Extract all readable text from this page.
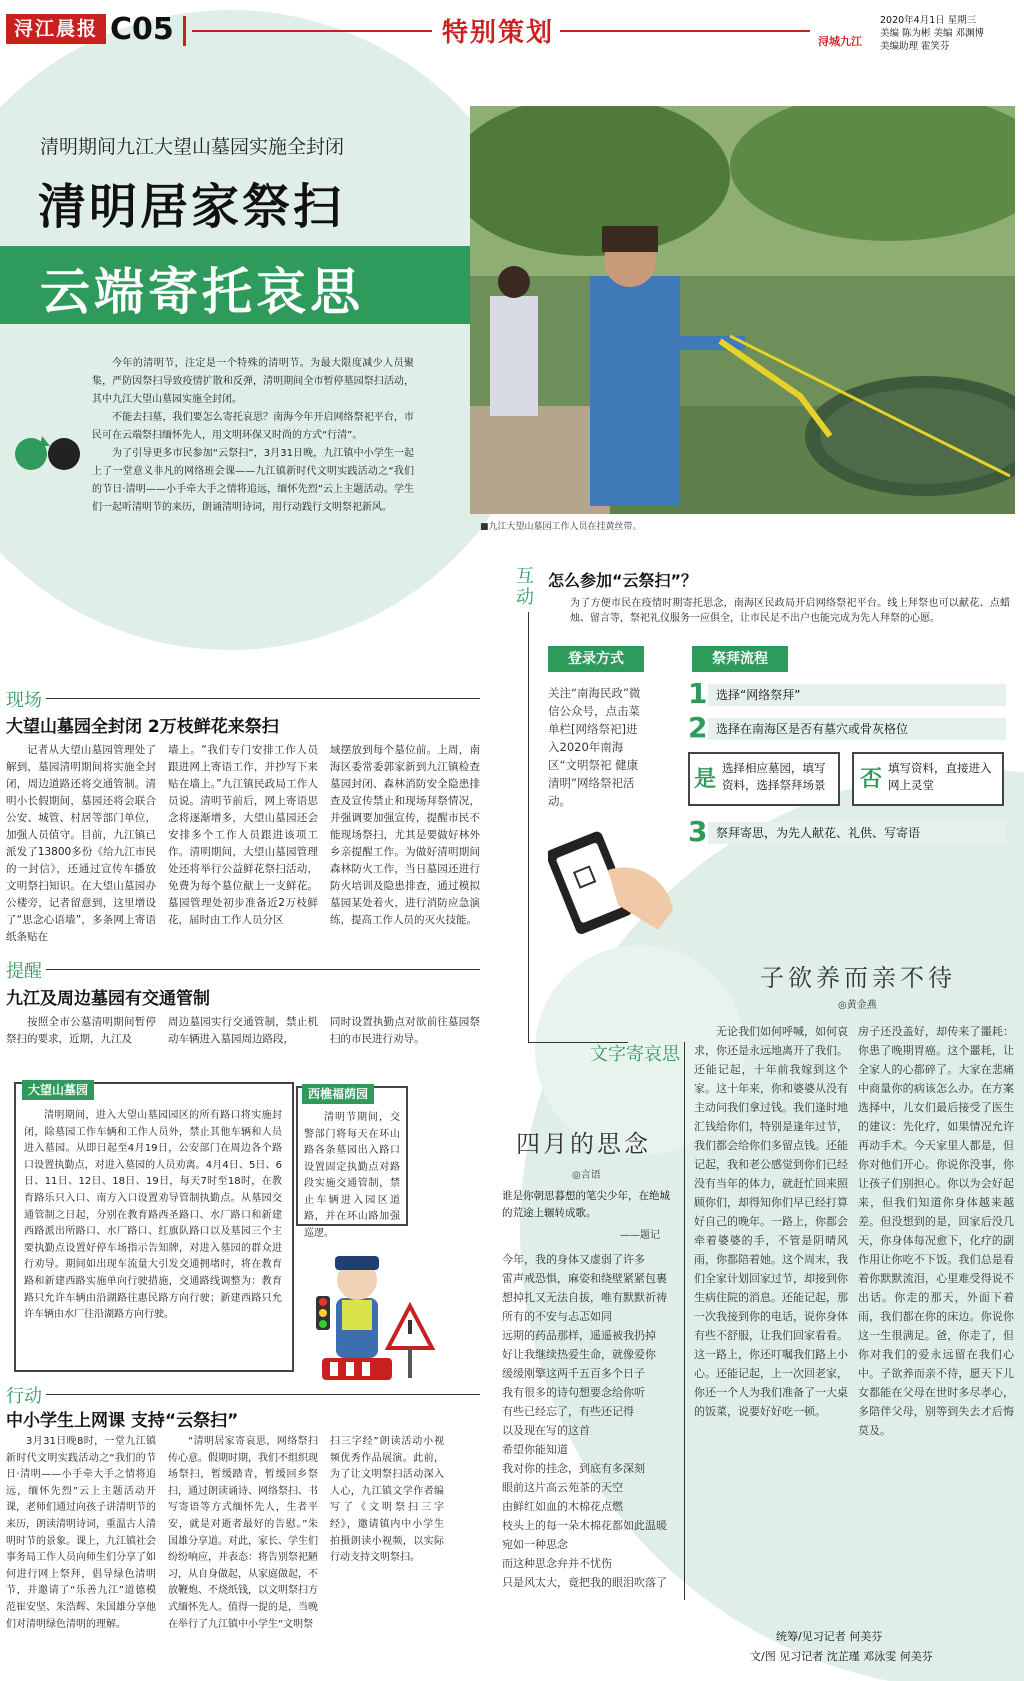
浔江晨报 C05	特别策划	浔城九江
2020年4月1日 星期三
美编 陈为彬 美编 邓渊博
美编助理 霍笑芬
清明期间九江大望山墓园实施全封闭
清明居家祭扫
云端寄托哀思

今年的清明节，注定是一个特殊的清明节。为最大限度减少人员聚集，严防因祭扫导致疫情扩散和反弹，清明期间全市暂停墓园祭扫活动，其中九江大望山墓园实施全封闭。

不能去扫墓，我们要怎么寄托哀思？南海今年开启网络祭祀平台，市民可在云端祭扫缅怀先人，用文明环保又时尚的方式“行清”。

为了引导更多市民参加“云祭扫”，3月31日晚，九江镇中小学生一起上了一堂意义非凡的网络班会课——九江镇新时代文明实践活动之“我们的节日·清明——小手牵大手之情将追远，缅怀先烈”云上主题活动。学生们一起听清明节的来历，朗诵清明诗词，用行动践行文明祭祀新风。

■九江大望山墓园工作人员在挂黄丝带。
互动
怎么参加“云祭扫”？
为了方便市民在疫情时期寄托思念，南海区民政局开启网络祭祀平台。线上拜祭也可以献花、点蜡烛、留言等，祭祀礼仪服务一应俱全，让市民足不出户也能完成为先人拜祭的心愿。
登录方式	祭拜流程
关注“南海民政”微信公众号，点击菜单栏[网络祭祀]进入2020年南海区“文明祭祀 健康清明”网络祭祀活动。
1 选择“网络祭拜”
2 选择在南海区是否有墓穴或骨灰格位
是 选择相应墓园，填写资料，选择祭拜场景	否 填写资料，直接进入网上灵堂
3 祭拜寄思，为先人献花、礼供、写寄语
现场
大望山墓园全封闭 2万枝鲜花来祭扫
记者从大望山墓园管理处了解到，墓园清明期间将实施全封闭，周边道路还将交通管制。清明小长假期间，墓园还将会联合公安、城管、村居等部门单位，加强人员值守。目前，九江镇已派发了13800多份《给九江市民的一封信》，还通过宣传车播放文明祭扫知识。在大望山墓园办公楼旁，记者留意到，这里增设了“思念心语墙”，多条网上寄语纸条贴在
墙上。“我们专门安排工作人员跟进网上寄语工作，并抄写下来贴在墙上。”九江镇民政局工作人员说。清明节前后，网上寄语思念将逐渐增多，大望山墓园还会安排多个工作人员跟进该项工作。清明期间，大望山墓园管理处还将举行公益鲜花祭扫活动，免费为每个墓位献上一支鲜花。墓园管理处初步准备近2万枝鲜花，届时由工作人员分区
域摆放到每个墓位前。上周，南海区委常委郭家新到九江镇检查墓园封闭、森林消防安全隐患排查及宣传禁止和现场拜祭情况，并强调要加强宣传，提醒市民不能现场祭扫，尤其是要做好林外乡亲提醒工作。为做好清明期间森林防火工作，当日墓园还进行防火培训及隐患排查，通过模拟墓园某处着火，进行消防应急演练，提高工作人员的灭火技能。
提醒
九江及周边墓园有交通管制
按照全市公墓清明期间暂停祭扫的要求，近期，九江及
周边墓园实行交通管制，禁止机动车辆进入墓园周边路段，
同时设置执勤点对欲前往墓园祭扫的市民进行劝导。
大望山墓园
清明期间，进入大望山墓园园区的所有路口将实施封闭，除墓园工作车辆和工作人员外，禁止其他车辆和人员进入墓园。从即日起至4月19日，公安部门在周边各个路口设置执勤点，对进入墓园的人员劝离。4月4日、5日、6日、11日、12日、18日、19日，每天7时至18时，在教育路乐只入口、南方入口设置劝导管制执勤点。从墓园交通管制之日起，分别在教育路西圣路口、水厂路口和新建西路派出所路口、水厂路口、红旗队路口以及墓园三个主要执勤点设置好停车场指示告知牌，对进入墓园的群众进行劝导。期间如出现车流量大引发交通拥堵时，将在教育路和新建西路实施单向行驶措施，交通路线调整为：教育路只允许车辆由沿湖路往惠民路方向行驶；新建西路只允许车辆由水厂往沿湖路方向行驶。
西樵福荫园
清明节期间，交警部门将每天在环山路各条墓园出入路口设置固定执勤点对路段实施交通管制，禁止车辆进入园区道路，并在环山路加强巡逻。
行动
中小学生上网课 支持“云祭扫”
3月31日晚8时，一堂九江镇新时代文明实践活动之“我们的节日·清明——小手牵大手之情将追远，缅怀先烈”云上主题活动开课，老师们通过向孩子讲清明节的来历，朗读清明诗词，重温古人清明时节的景象。课上，九江镇社会事务局工作人员向师生们分享了如何进行网上祭拜，倡导绿色清明节，并邀请了“乐善九江”道德模范崔安坚、朱浩辉、朱国雄分享他们对清明绿色清明的理解。
“清明居家寄哀思，网络祭扫传心意。假期时期，我们不组织现场祭扫，暂缓踏青，暂缓回乡祭扫，通过朗读诵诗、网络祭扫、书写寄语等方式缅怀先人，生者平安，就是对逝者最好的告慰。”朱国雄分享道。对此，家长、学生们纷纷响应，并表态：将告别祭祀陋习，从自身做起，从家庭做起，不放鞭炮、不烧纸钱，以文明祭扫方式缅怀先人。值得一提的是，当晚在举行了九江镇中小学生“文明祭
扫三字经”朗读活动小视频优秀作品展演。此前，为了让文明祭扫活动深入人心，九江镇文学作者编写了《文明祭扫三字经》，邀请镇内中小学生拍摄朗读小视频，以实际行动支持文明祭扫。
文字寄哀思
四月的思念
◎言语
谁是你朝思暮想的笔尖少年，在绝城的荒途上辗转成歌。
——题记
今年，我的身体又虚弱了许多
雷声戒恐惧，麻姿和绕壁紧紧包裹
想掉扎又无法自拔，唯有默默祈祷
所有的不安与忐忑如同
远期的药品那样，遥遥被我扔掉
好让我继续热爱生命，就像爱你
缓缓刚擎这两千五百多个日子
我有很多的诗句想要念给你听
有些已经忘了，有些还记得
以及现在写的这首
希望你能知道
我对你的挂念，到底有多深刻
眼前这片高云苑茶的天空
由鲜红如血的木棉花点燃
枝头上的每一朵木棉花都如此温暖
宛如一种思念
而这种思念弁并不忧伤
只是风太大，竟把我的眼泪吹落了
子欲养而亲不待
◎黄金燕
无论我们如何呼喊，如何哀求，你还是永远地离开了我们。还能记起，十年前我嫁到这个家。这十年来，你和婆婆从没有主动问我们拿过钱。我们逢时地汇钱给你们，特别是逢年过节，我们都会给你们多留点钱。还能记起，我和老公感觉到你们已经没有当年的体力，就赶忙回来照顾你们，却得知你们早已经打算好自己的晚年。一路上，你都会牵着婆婆的手，不管是阴晴风雨，你都陪着她。这个周末，我们全家计划回家过节，却接到你生病住院的消息。还能记起，那一次我接到你的电话，说你身体有些不舒服，让我们回家看看。这一路上，你还叮嘱我们路上小心。还能记起，上一次回老家，你还一个人为我们准备了一大桌的饭菜，说要好好吃一顿。
房子还没盖好，却传来了噩耗：你患了晚期胃癌。这个噩耗，让全家人的心都碎了。大家在悲痛中商量你的病该怎么办。在方案选择中，儿女们最后接受了医生的建议：先化疗，如果情况允许再动手术。今天家里人都是，但你对他们开心。你说你没事，你让孩子们别担心。你以为会好起来，但我们知道你身体越来越差。但没想到的是，回家后没几天，你身体每况愈下，化疗的副作用让你吃不下饭。我们总是看着你默默流泪，心里难受得说不出话。你走的那天，外面下着雨，我们都在你的床边。你说你这一生很满足。爸，你走了，但你对我们的爱永远留在我们心中。子欲养而亲不待，愿天下儿女都能在父母在世时多尽孝心，多陪伴父母，别等到失去才后悔莫及。
统筹/见习记者 何美芬
文/图 见习记者 沈芷瑾 邓泳雯 何美芬
